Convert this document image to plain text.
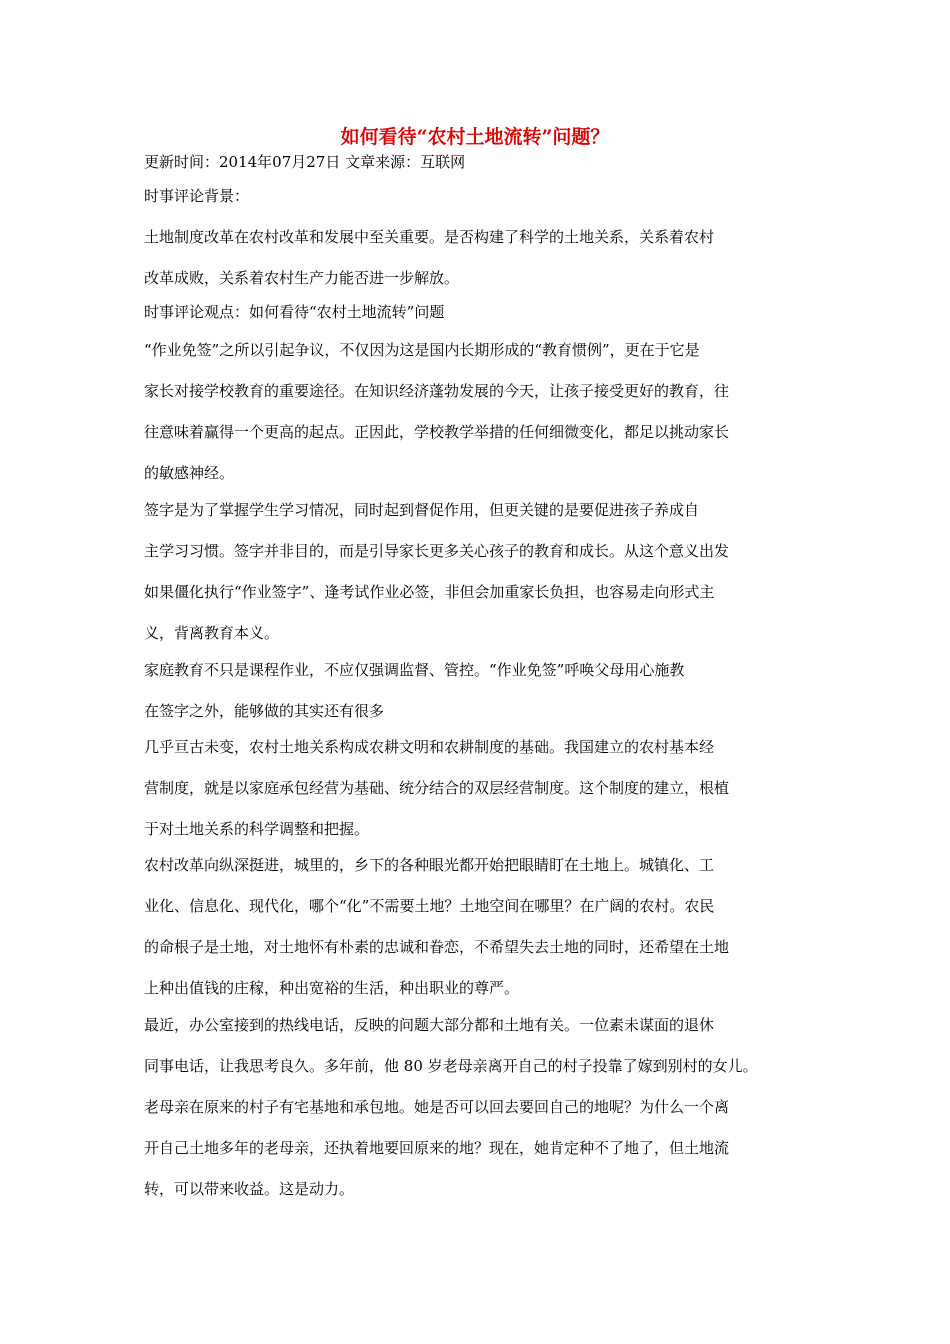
如何看待“农村土地流转”问题？
更新时间：2014年07月27日 文章来源：互联网
时事评论背景：
土地制度改革在农村改革和发展中至关重要。是否构建了科学的土地关系，关系着农村
改革成败，关系着农村生产力能否进一步解放。
时事评论观点：如何看待“农村土地流转”问题
“作业免签”之所以引起争议，不仅因为这是国内长期形成的“教育惯例”，更在于它是
家长对接学校教育的重要途径。在知识经济蓬勃发展的今天，让孩子接受更好的教育，往
往意味着赢得一个更高的起点。正因此，学校教学举措的任何细微变化，都足以挑动家长
的敏感神经。
签字是为了掌握学生学习情况，同时起到督促作用，但更关键的是要促进孩子养成自
主学习习惯。签字并非目的，而是引导家长更多关心孩子的教育和成长。从这个意义出发
如果僵化执行“作业签字”、逢考试作业必签，非但会加重家长负担，也容易走向形式主
义，背离教育本义。
家庭教育不只是课程作业，不应仅强调监督、管控。“作业免签”呼唤父母用心施教
在签字之外，能够做的其实还有很多
几乎亘古未变，农村土地关系构成农耕文明和农耕制度的基础。我国建立的农村基本经
营制度，就是以家庭承包经营为基础、统分结合的双层经营制度。这个制度的建立，根植
于对土地关系的科学调整和把握。
农村改革向纵深挺进，城里的，乡下的各种眼光都开始把眼睛盯在土地上。城镇化、工
业化、信息化、现代化，哪个“化”不需要土地？土地空间在哪里？在广阔的农村。农民
的命根子是土地，对土地怀有朴素的忠诚和眷恋，不希望失去土地的同时，还希望在土地
上种出值钱的庄稼，种出宽裕的生活，种出职业的尊严。
最近，办公室接到的热线电话，反映的问题大部分都和土地有关。一位素未谋面的退休
同事电话，让我思考良久。多年前，他 80 岁老母亲离开自己的村子投靠了嫁到别村的女儿。
老母亲在原来的村子有宅基地和承包地。她是否可以回去要回自己的地呢？为什么一个离
开自己土地多年的老母亲，还执着地要回原来的地？现在，她肯定种不了地了，但土地流
转，可以带来收益。这是动力。
